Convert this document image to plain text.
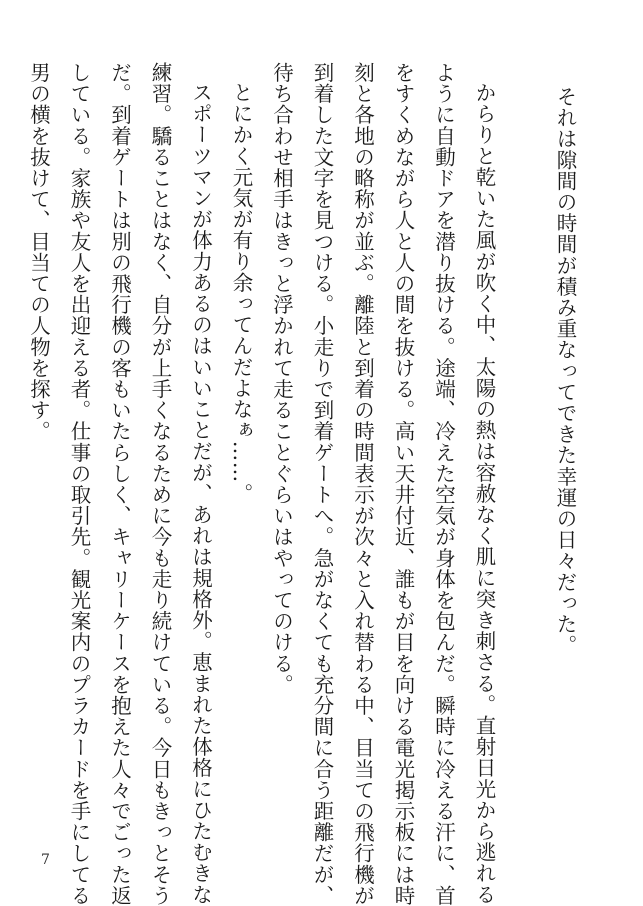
それは隙間の時間が積み重なってできた幸運の日々だった。
からりと乾いた風が吹く中、太陽の熱は容赦なく肌に突き刺さる。直射日光から逃れる
ように自動ドアを潜り抜ける。途端、冷えた空気が身体を包んだ。瞬時に冷える汗に、首
をすくめながら人と人の間を抜ける。高い天井付近、誰もが目を向ける電光掲示板には時
刻と各地の略称が並ぶ。離陸と到着の時間表示が次々と入れ替わる中、目当ての飛行機が
到着した文字を見つける。小走りで到着ゲートへ。急がなくても充分間に合う距離だが、
待ち合わせ相手はきっと浮かれて走ることぐらいはやってのける。
とにかく元気が有り余ってんだよなぁ……。
スポーツマンが体力あるのはいいことだが、あれは規格外。恵まれた体格にひたむきな
練習。驕ることはなく、自分が上手くなるために今も走り続けている。今日もきっとそう
だ。到着ゲートは別の飛行機の客もいたらしく、キャリーケースを抱えた人々でごった返
している。家族や友人を出迎える者。仕事の取引先。観光案内のプラカードを手にしてる
男の横を抜けて、目当ての人物を探す。
7
